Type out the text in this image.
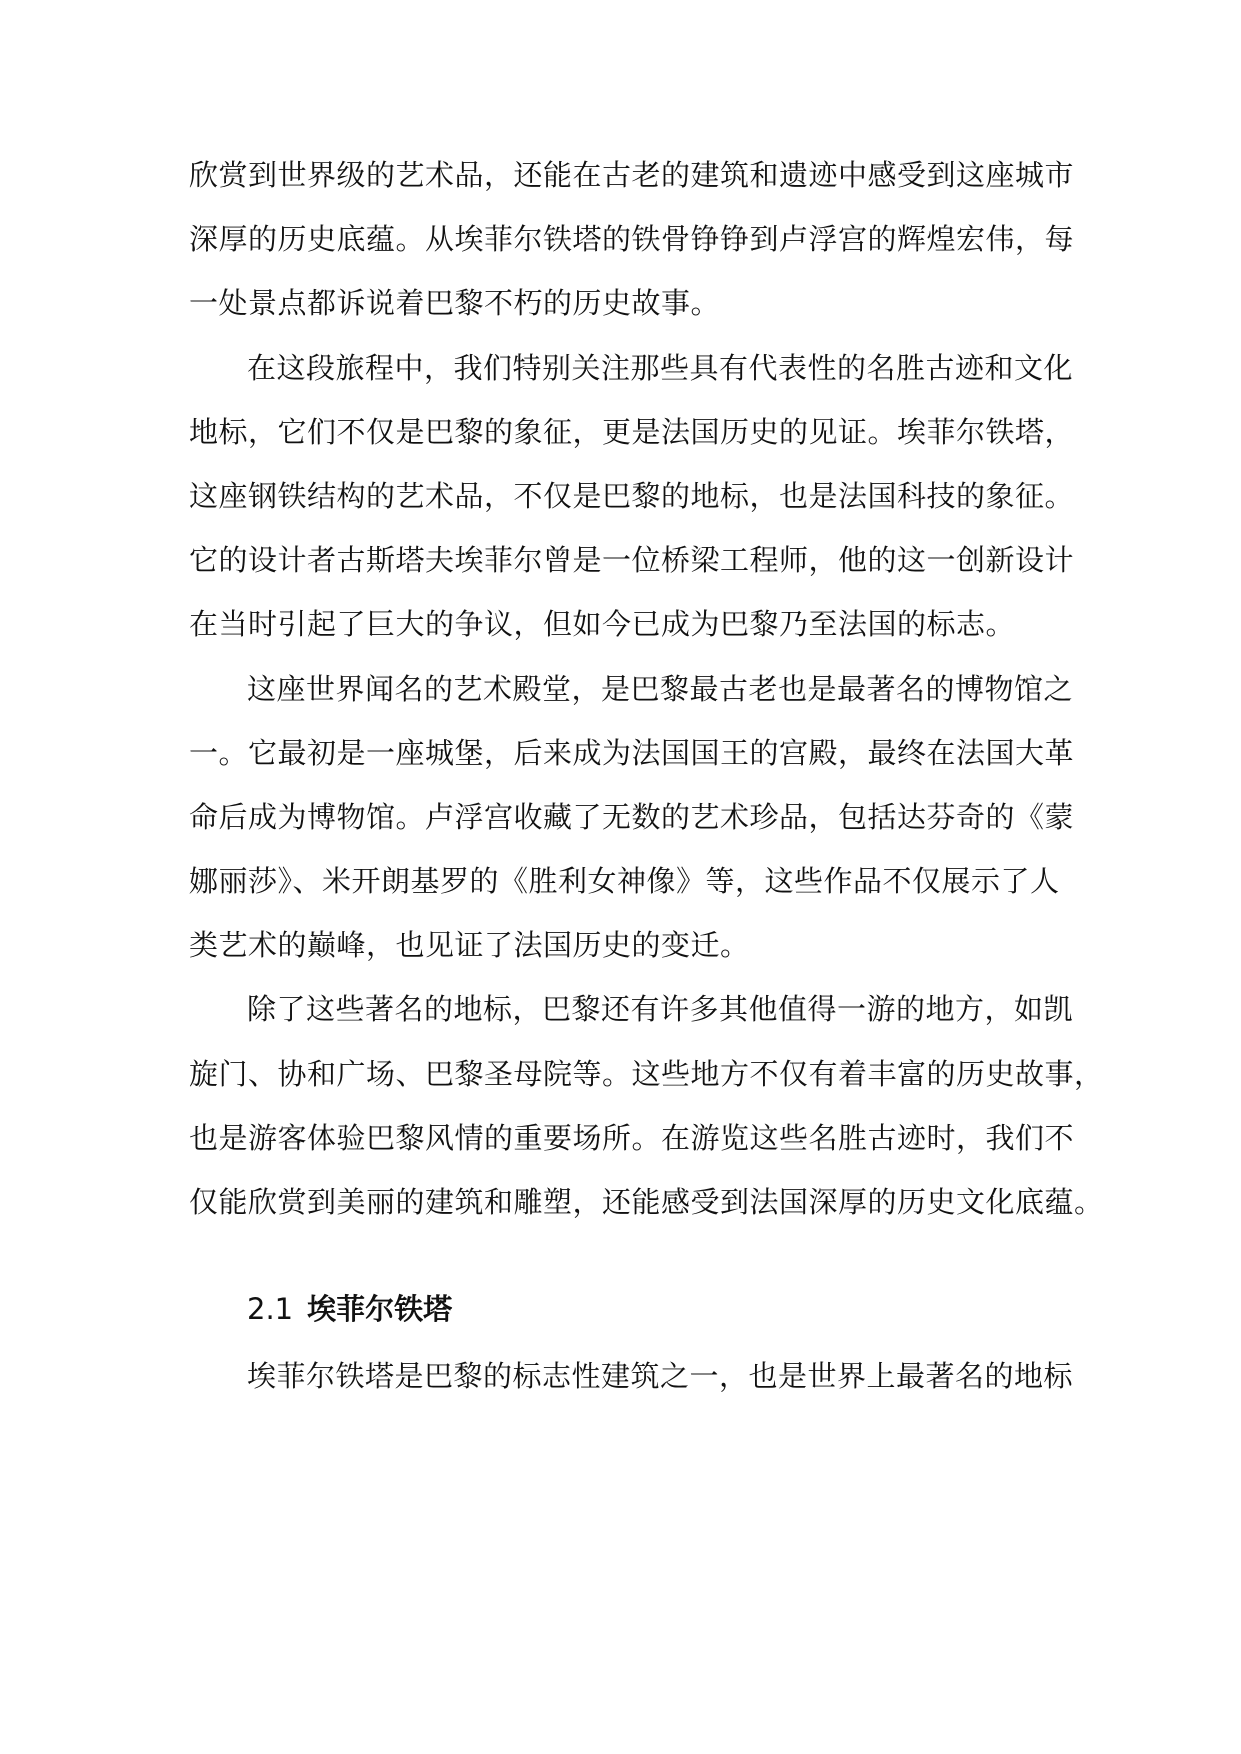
欣赏到世界级的艺术品，还能在古老的建筑和遗迹中感受到这座城市
深厚的历史底蕴。从埃菲尔铁塔的铁骨铮铮到卢浮宫的辉煌宏伟，每
一处景点都诉说着巴黎不朽的历史故事。
在这段旅程中，我们特别关注那些具有代表性的名胜古迹和文化
地标，它们不仅是巴黎的象征，更是法国历史的见证。埃菲尔铁塔，
这座钢铁结构的艺术品，不仅是巴黎的地标，也是法国科技的象征。
它的设计者古斯塔夫埃菲尔曾是一位桥梁工程师，他的这一创新设计
在当时引起了巨大的争议，但如今已成为巴黎乃至法国的标志。
这座世界闻名的艺术殿堂，是巴黎最古老也是最著名的博物馆之
一。它最初是一座城堡，后来成为法国国王的宫殿，最终在法国大革
命后成为博物馆。卢浮宫收藏了无数的艺术珍品，包括达芬奇的《蒙
娜丽莎》、米开朗基罗的《胜利女神像》等，这些作品不仅展示了人
类艺术的巅峰，也见证了法国历史的变迁。
除了这些著名的地标，巴黎还有许多其他值得一游的地方，如凯
旋门、协和广场、巴黎圣母院等。这些地方不仅有着丰富的历史故事，
也是游客体验巴黎风情的重要场所。在游览这些名胜古迹时，我们不
仅能欣赏到美丽的建筑和雕塑，还能感受到法国深厚的历史文化底蕴。
2.1 埃菲尔铁塔
埃菲尔铁塔是巴黎的标志性建筑之一，也是世界上最著名的地标
